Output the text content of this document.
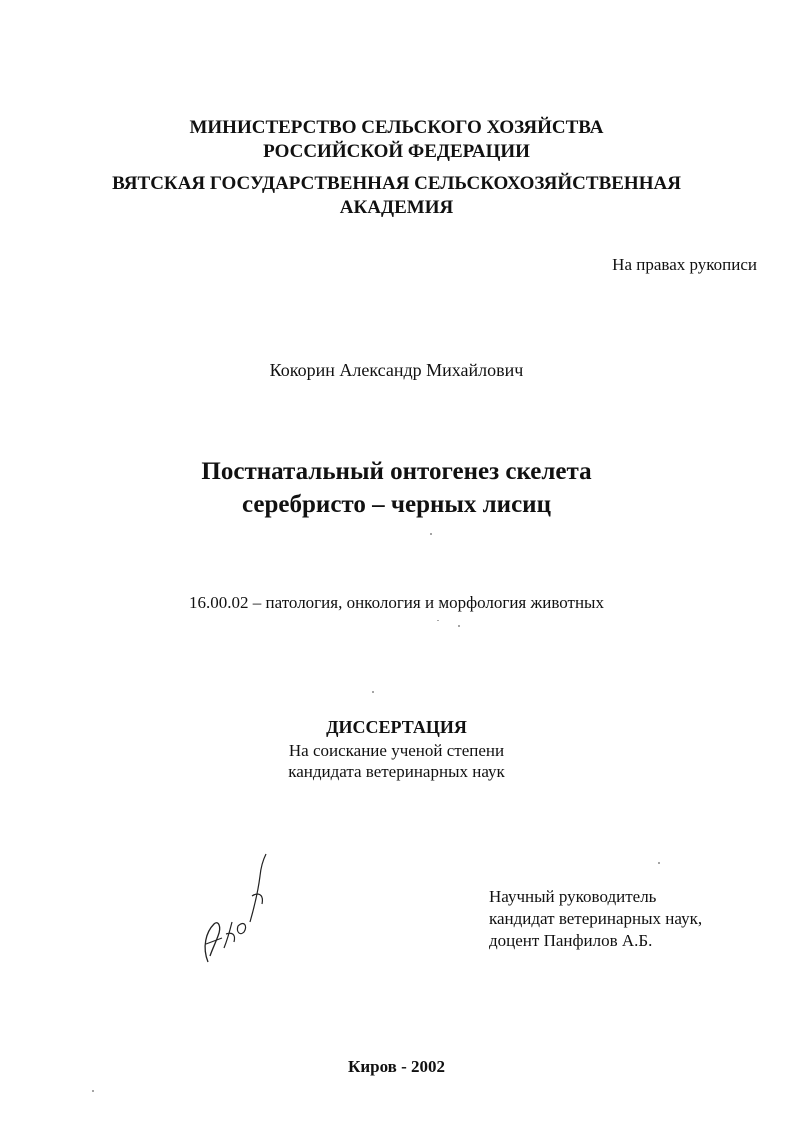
МИНИСТЕРСТВО СЕЛЬСКОГО ХОЗЯЙСТВА
РОССИЙСКОЙ ФЕДЕРАЦИИ
ВЯТСКАЯ ГОСУДАРСТВЕННАЯ СЕЛЬСКОХОЗЯЙСТВЕННАЯ
АКАДЕМИЯ
На правах рукописи
Кокорин Александр Михайлович
Постнатальный онтогенез скелета
серебристо – черных лисиц
16.00.02 – патология, онкология и морфология животных
ДИССЕРТАЦИЯ
На соискание ученой степени
кандидата ветеринарных наук
Научный руководитель
кандидат ветеринарных наук,
доцент Панфилов А.Б.
Киров - 2002
